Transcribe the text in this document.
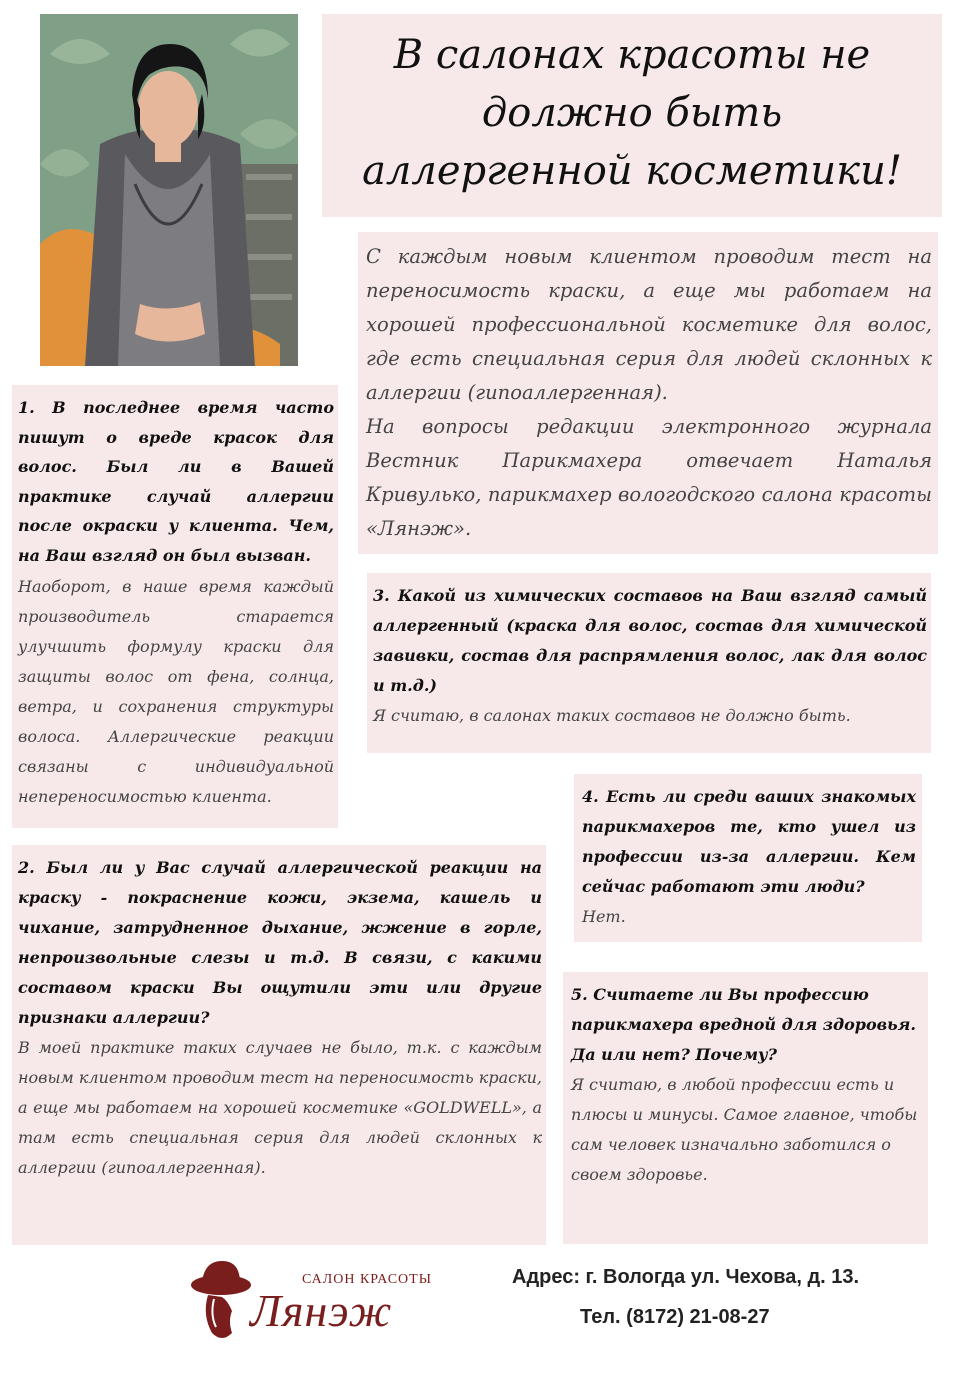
В салонах красоты не должно быть аллергенной косметики!

С каждым новым клиентом проводим тест на переносимость краски, а еще мы работаем на хорошей профессиональной косметике для волос, где есть специальная серия для людей склонных к аллергии (гипоаллергенная).

На вопросы редакции электронного журнала Вестник Парикмахера отвечает Наталья Кривулько, парикмахер вологодского салона красоты «Лянэж».

1. В последнее время часто пишут о вреде красок для волос. Был ли в Вашей практике случай аллергии после окраски у клиента. Чем, на Ваш взгляд он был вызван.

Наоборот, в наше время каждый производитель старается улучшить формулу краски для защиты волос от фена, солнца, ветра, и сохранения структуры волоса. Аллергические реакции связаны с индивидуальной непереносимостью клиента.

3. Какой из химических составов на Ваш взгляд самый аллергенный (краска для волос, состав для химической завивки, состав для распрямления волос, лак для волос и т.д.)

Я считаю, в салонах таких составов не должно быть.

4. Есть ли среди ваших знакомых парикмахеров те, кто ушел из профессии из-за аллергии. Кем сейчас работают эти люди?

Нет.

2. Был ли у Вас случай аллергической реакции на краску - покраснение кожи, экзема, кашель и чихание, затрудненное дыхание, жжение в горле, непроизвольные слезы и т.д. В связи, с какими составом краски Вы ощутили эти или другие признаки аллергии?

В моей практике таких случаев не было, т.к. с каждым новым клиентом проводим тест на переносимость краски, а еще мы работаем на хорошей косметике «GOLDWELL», а там есть специальная серия для людей склонных к аллергии (гипоаллергенная).

5. Считаете ли Вы профессию парикмахера вредной для здоровья. Да или нет? Почему?

Я считаю, в любой профессии есть и плюсы и минусы. Самое главное, чтобы сам человек изначально заботился о своем здоровье.

САЛОН КРАСОТЫ
Лянэж
Адрес: г. Вологда ул. Чехова, д. 13.
Тел. (8172) 21-08-27
